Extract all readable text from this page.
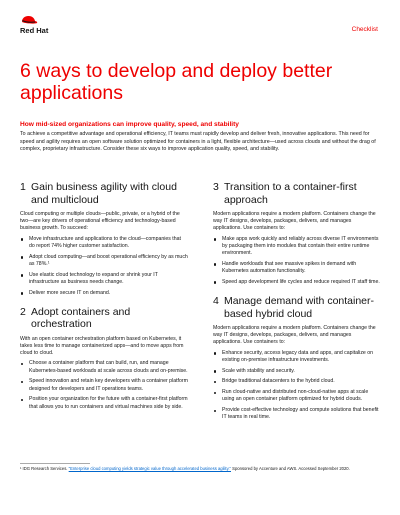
Red Hat	Checklist
6 ways to develop and deploy better applications
How mid-sized organizations can improve quality, speed, and stability

To achieve a competitive advantage and operational efficiency, IT teams must rapidly develop and deliver fresh, innovative applications. This need for speed and agility requires an open software solution optimized for containers in a light, flexible architecture—used across clouds and without the drag of complex, proprietary infrastructure. Consider these six ways to improve application quality, speed, and stability.

1 Gain business agility with cloud and multicloud

Cloud computing or multiple clouds—public, private, or a hybrid of the two—are key drivers of operational efficiency and technology-based business growth. To succeed:

Move infrastructure and applications to the cloud—companies that do report 74% higher customer satisfaction.
Adopt cloud computing—and boost operational efficiency by as much as 78%.¹
Use elastic cloud technology to expand or shrink your IT infrastructure as business needs change.
Deliver more secure IT on demand.
2 Adopt containers and orchestration

With an open container orchestration platform based on Kubernetes, it takes less time to manage containerized apps—and to move apps from cloud to cloud.

Choose a container platform that can build, run, and manage Kubernetes-based workloads at scale across clouds and on-premise.
Speed innovation and retain key developers with a container platform designed for developers and IT operations teams.
Position your organization for the future with a container-first platform that allows you to run containers and virtual machines side by side.
3 Transition to a container-first approach

Modern applications require a modern platform. Containers change the way IT designs, develops, packages, delivers, and manages applications. Use containers to:

Make apps work quickly and reliably across diverse IT environments by packaging them into modules that contain their entire runtime environment.
Handle workloads that see massive spikes in demand with Kubernetes automation functionality.
Speed app development life cycles and reduce required IT staff time.
4 Manage demand with container-based hybrid cloud

Modern applications require a modern platform. Containers change the way IT designs, develops, packages, delivers, and manages applications. Use containers to:

Enhance security, access legacy data and apps, and capitalize on existing on-premise infrastructure investments.
Scale with stability and security.
Bridge traditional datacenters to the hybrid cloud.
Run cloud-native and distributed non-cloud-native apps at scale using an open container platform optimized for hybrid clouds.
Provide cost-effective technology and compute solutions that benefit IT teams in real time.
¹ IDG Research Services. "Enterprise cloud computing yields strategic value through accelerated business agility." Sponsored by Accenture and AWS. Accessed September 2020.
